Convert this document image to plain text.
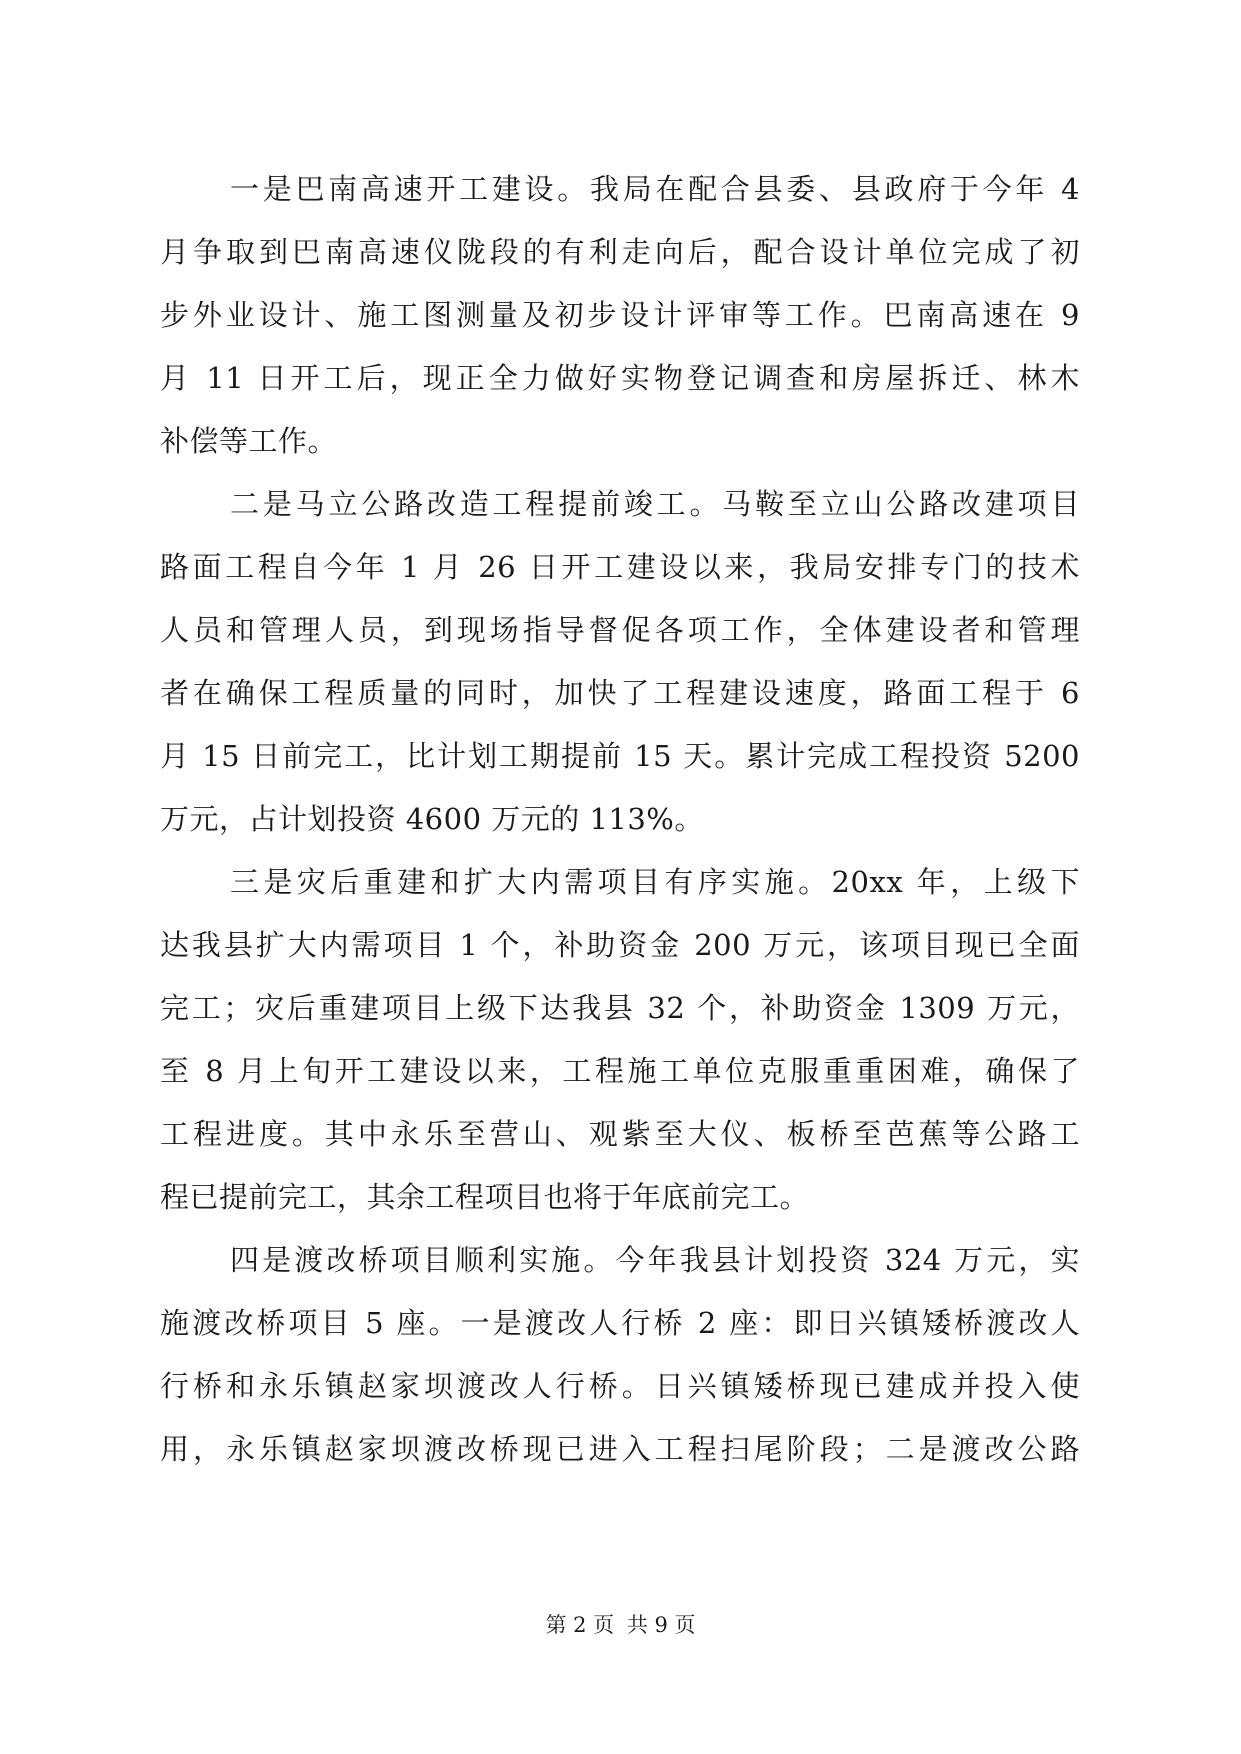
一是巴南高速开工建设。我局在配合县委、县政府于今年 4
月争取到巴南高速仪陇段的有利走向后，配合设计单位完成了初
步外业设计、施工图测量及初步设计评审等工作。巴南高速在 9
月 11 日开工后，现正全力做好实物登记调查和房屋拆迁、林木
补偿等工作。
二是马立公路改造工程提前竣工。马鞍至立山公路改建项目
路面工程自今年 1 月 26 日开工建设以来，我局安排专门的技术
人员和管理人员，到现场指导督促各项工作，全体建设者和管理
者在确保工程质量的同时，加快了工程建设速度，路面工程于 6
月 15 日前完工，比计划工期提前 15 天。累计完成工程投资 5200
万元，占计划投资 4600 万元的 113%。
三是灾后重建和扩大内需项目有序实施。20xx 年，上级下
达我县扩大内需项目 1 个，补助资金 200 万元，该项目现已全面
完工；灾后重建项目上级下达我县 32 个，补助资金 1309 万元，
至 8 月上旬开工建设以来，工程施工单位克服重重困难，确保了
工程进度。其中永乐至营山、观紫至大仪、板桥至芭蕉等公路工
程已提前完工，其余工程项目也将于年底前完工。
四是渡改桥项目顺利实施。今年我县计划投资 324 万元，实
施渡改桥项目 5 座。一是渡改人行桥 2 座：即日兴镇矮桥渡改人
行桥和永乐镇赵家坝渡改人行桥。日兴镇矮桥现已建成并投入使
用，永乐镇赵家坝渡改桥现已进入工程扫尾阶段；二是渡改公路
第 2 页 共 9 页
